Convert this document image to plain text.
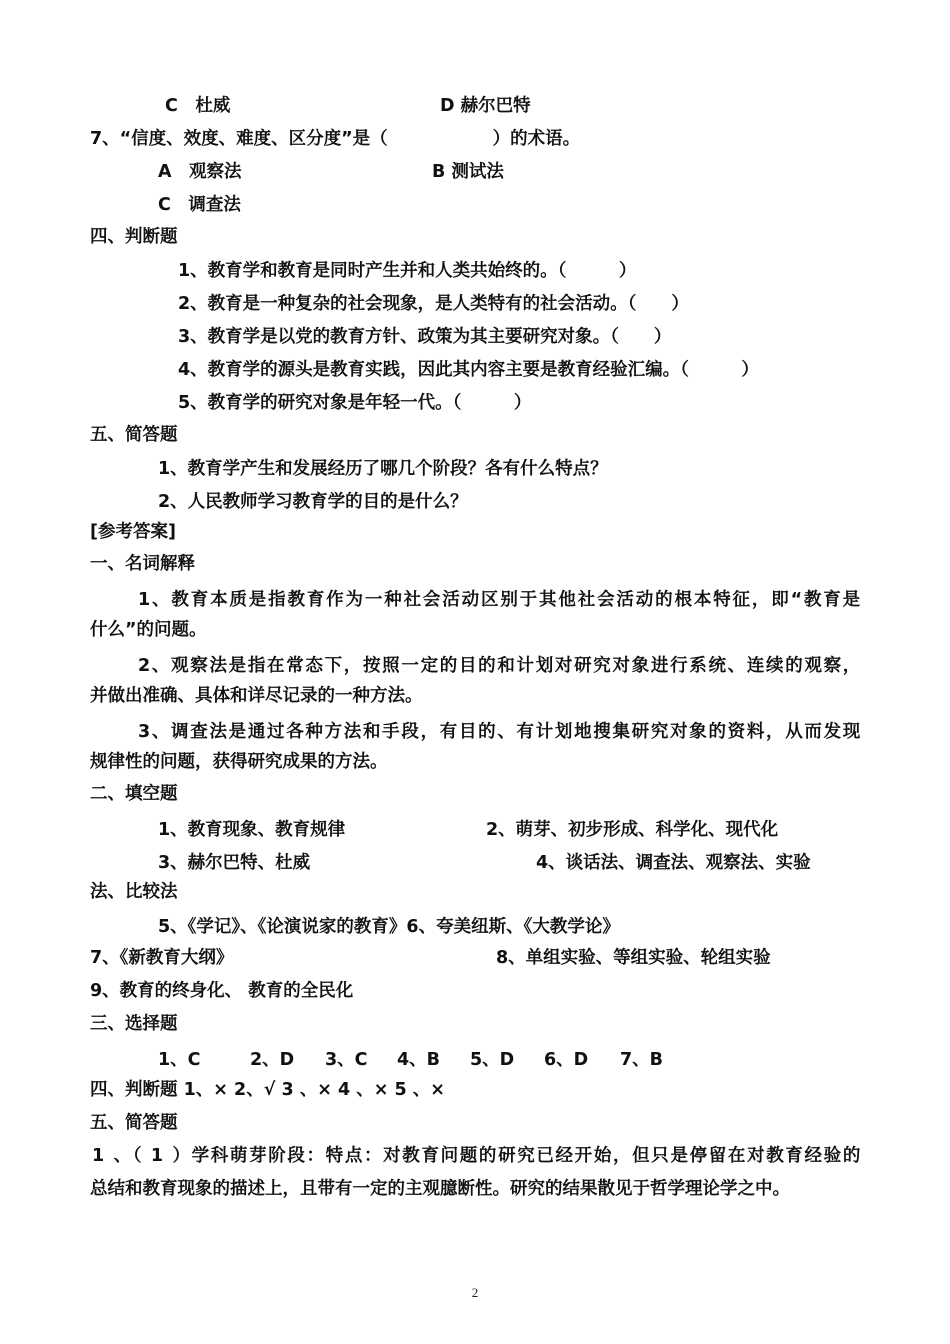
C　杜威	D 赫尔巴特
7、“信度、效度、难度、区分度”是（　　　　　　）的术语。
A　观察法	B 测试法
C　调查法
四、判断题
1、教育学和教育是同时产生并和人类共始终的。（　　　）
2、教育是一种复杂的社会现象，是人类特有的社会活动。（　　）
3、教育学是以党的教育方针、政策为其主要研究对象。（　　）
4、教育学的源头是教育实践，因此其内容主要是教育经验汇编。（　　　）
5、教育学的研究对象是年轻一代。（　　　）
五、简答题
1、教育学产生和发展经历了哪几个阶段？各有什么特点？
2、人民教师学习教育学的目的是什么？
[参考答案]
一、名词解释
1、教育本质是指教育作为一种社会活动区别于其他社会活动的根本特征，即“教育是
什么”的问题。
2、观察法是指在常态下，按照一定的目的和计划对研究对象进行系统、连续的观察，
并做出准确、具体和详尽记录的一种方法。
3、调查法是通过各种方法和手段，有目的、有计划地搜集研究对象的资料，从而发现
规律性的问题，获得研究成果的方法。
二、填空题
1、教育现象、教育规律	2、萌芽、初步形成、科学化、现代化
3、赫尔巴特、杜威	4、谈话法、调查法、观察法、实验
法、比较法
5、《学记》、《论演说家的教育》6、夸美纽斯、《大教学论》
7、《新教育大纲》	8、单组实验、等组实验、轮组实验
9、教育的终身化、 教育的全民化
三、选择题
1、C	2、D 3、C 4、B 5、D 6、D 7、B
四、判断题 1、× 2、√ 3 、× 4 、× 5 、×
五、简答题
1 、（ 1 ）学科萌芽阶段：特点：对教育问题的研究已经开始，但只是停留在对教育经验的
总结和教育现象的描述上，且带有一定的主观臆断性。研究的结果散见于哲学理论学之中。
2
